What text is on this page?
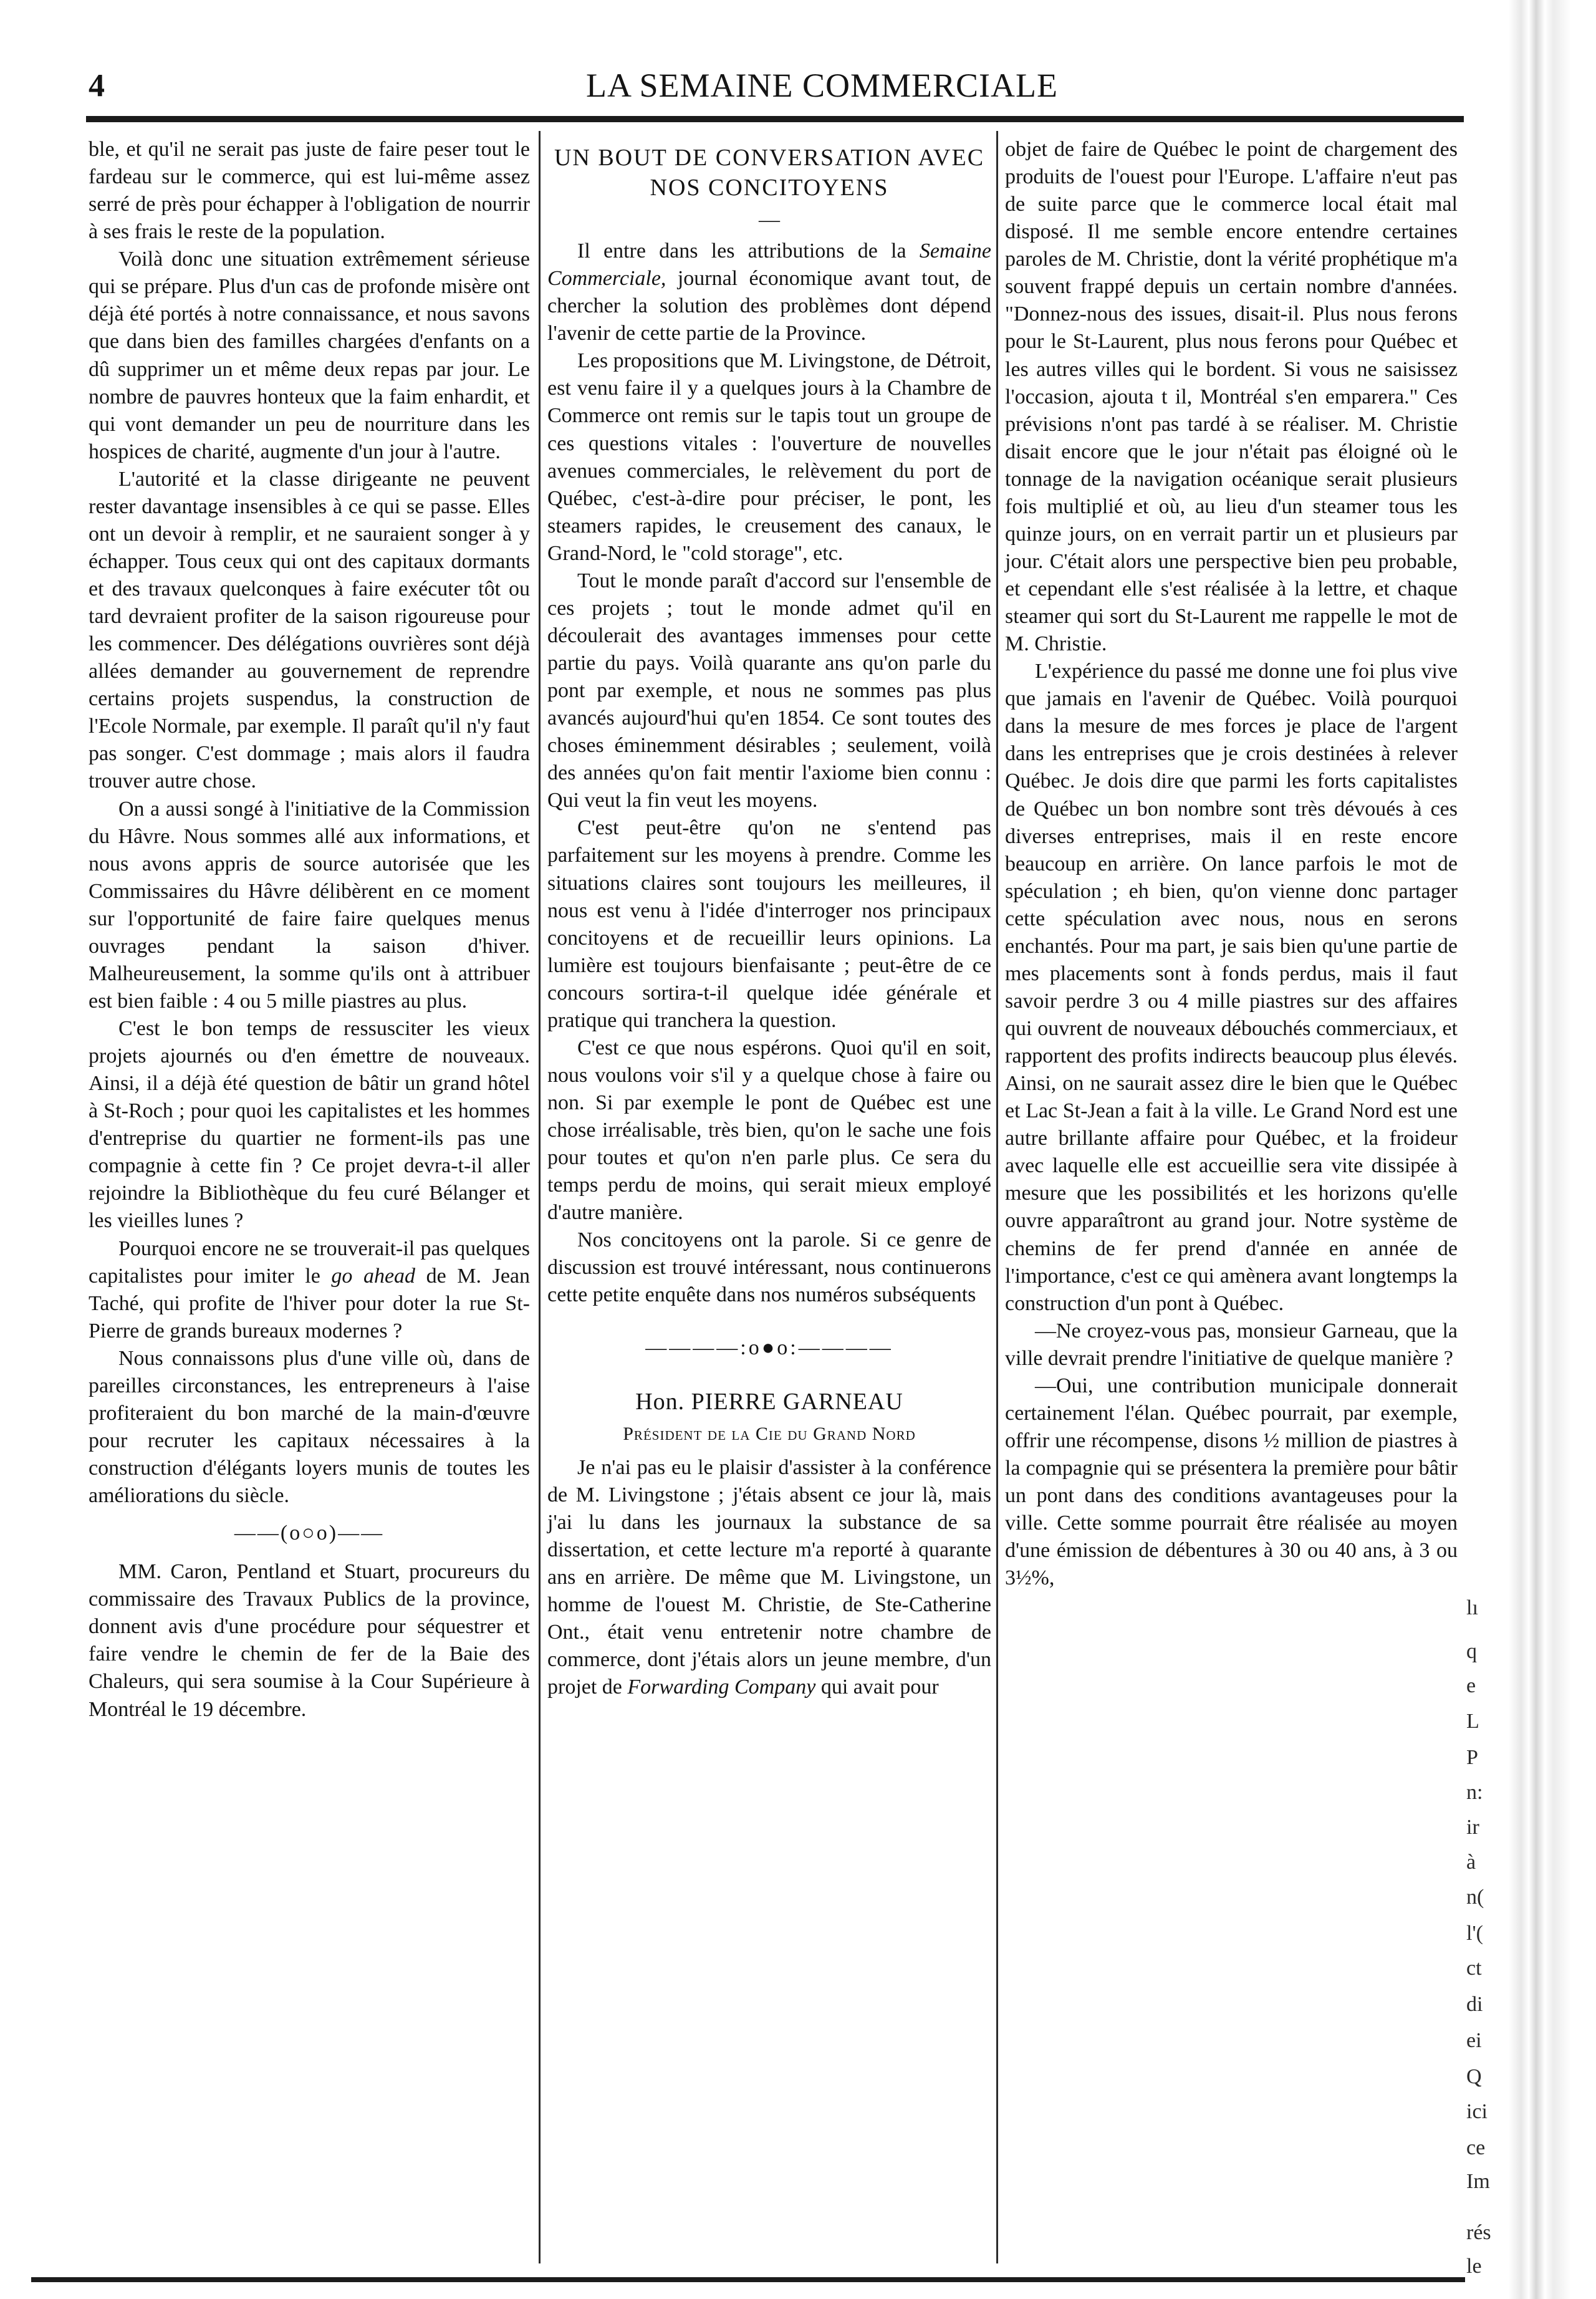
4	LA SEMAINE COMMERCIALE

ble, et qu'il ne serait pas juste de faire peser tout le fardeau sur le commerce, qui est lui-même assez serré de près pour échapper à l'obligation de nourrir à ses frais le reste de la population.

Voilà donc une situation extrêmement sérieuse qui se prépare. Plus d'un cas de profonde misère ont déjà été portés à notre connaissance, et nous savons que dans bien des familles chargées d'enfants on a dû supprimer un et même deux repas par jour. Le nombre de pauvres honteux que la faim enhardit, et qui vont demander un peu de nourriture dans les hospices de charité, augmente d'un jour à l'autre.

L'autorité et la classe dirigeante ne peuvent rester davantage insensibles à ce qui se passe. Elles ont un devoir à remplir, et ne sauraient songer à y échapper. Tous ceux qui ont des capitaux dormants et des travaux quelconques à faire exécuter tôt ou tard devraient profiter de la saison rigoureuse pour les commencer. Des délégations ouvrières sont déjà allées demander au gouvernement de reprendre certains projets suspendus, la construction de l'Ecole Normale, par exemple. Il paraît qu'il n'y faut pas songer. C'est dommage ; mais alors il faudra trouver autre chose.

On a aussi songé à l'initiative de la Commission du Hâvre. Nous sommes allé aux informations, et nous avons appris de source autorisée que les Commissaires du Hâvre délibèrent en ce moment sur l'opportunité de faire faire quelques menus ouvrages pendant la saison d'hiver. Malheureusement, la somme qu'ils ont à attribuer est bien faible : 4 ou 5 mille piastres au plus.

C'est le bon temps de ressusciter les vieux projets ajournés ou d'en émettre de nouveaux. Ainsi, il a déjà été question de bâtir un grand hôtel à St-Roch ; pour quoi les capitalistes et les hommes d'entreprise du quartier ne forment-ils pas une compagnie à cette fin ? Ce projet devra-t-il aller rejoindre la Bibliothèque du feu curé Bélanger et les vieilles lunes ?

Pourquoi encore ne se trouverait-il pas quelques capitalistes pour imiter le go ahead de M. Jean Taché, qui profite de l'hiver pour doter la rue St-Pierre de grands bureaux modernes ?

Nous connaissons plus d'une ville où, dans de pareilles circonstances, les entrepreneurs à l'aise profiteraient du bon marché de la main-d'œuvre pour recruter les capitaux nécessaires à la construction d'élégants loyers munis de toutes les améliorations du siècle.

——(o○o)——

MM. Caron, Pentland et Stuart, procureurs du commissaire des Travaux Publics de la province, donnent avis d'une procédure pour séquestrer et faire vendre le chemin de fer de la Baie des Chaleurs, qui sera soumise à la Cour Supérieure à Montréal le 19 décembre.

UN BOUT DE CONVERSATION AVEC NOS CONCITOYENS
—

Il entre dans les attributions de la Semaine Commerciale, journal économique avant tout, de chercher la solution des problèmes dont dépend l'avenir de cette partie de la Province.

Les propositions que M. Livingstone, de Détroit, est venu faire il y a quelques jours à la Chambre de Commerce ont remis sur le tapis tout un groupe de ces questions vitales : l'ouverture de nouvelles avenues commerciales, le relèvement du port de Québec, c'est-à-dire pour préciser, le pont, les steamers rapides, le creusement des canaux, le Grand-Nord, le "cold storage", etc.

Tout le monde paraît d'accord sur l'ensemble de ces projets ; tout le monde admet qu'il en découlerait des avantages immenses pour cette partie du pays. Voilà quarante ans qu'on parle du pont par exemple, et nous ne sommes pas plus avancés aujourd'hui qu'en 1854. Ce sont toutes des choses éminemment désirables ; seulement, voilà des années qu'on fait mentir l'axiome bien connu : Qui veut la fin veut les moyens.

C'est peut-être qu'on ne s'entend pas parfaitement sur les moyens à prendre. Comme les situations claires sont toujours les meilleures, il nous est venu à l'idée d'interroger nos principaux concitoyens et de recueillir leurs opinions. La lumière est toujours bienfaisante ; peut-être de ce concours sortira-t-il quelque idée générale et pratique qui tranchera la question.

C'est ce que nous espérons. Quoi qu'il en soit, nous voulons voir s'il y a quelque chose à faire ou non. Si par exemple le pont de Québec est une chose irréalisable, très bien, qu'on le sache une fois pour toutes et qu'on n'en parle plus. Ce sera du temps perdu de moins, qui serait mieux employé d'autre manière.

Nos concitoyens ont la parole. Si ce genre de discussion est trouvé intéressant, nous continuerons cette petite enquête dans nos numéros subséquents

————:o●o:————
Hon. PIERRE GARNEAU
Président de la Cie du Grand Nord

Je n'ai pas eu le plaisir d'assister à la conférence de M. Livingstone ; j'étais absent ce jour là, mais j'ai lu dans les journaux la substance de sa dissertation, et cette lecture m'a reporté à quarante ans en arrière. De même que M. Livingstone, un homme de l'ouest M. Christie, de Ste-Catherine Ont., était venu entretenir notre chambre de commerce, dont j'étais alors un jeune membre, d'un projet de Forwarding Company qui avait pour

objet de faire de Québec le point de chargement des produits de l'ouest pour l'Europe. L'affaire n'eut pas de suite parce que le commerce local était mal disposé. Il me semble encore entendre certaines paroles de M. Christie, dont la vérité prophétique m'a souvent frappé depuis un certain nombre d'années. "Donnez-nous des issues, disait-il. Plus nous ferons pour le St-Laurent, plus nous ferons pour Québec et les autres villes qui le bordent. Si vous ne saisissez l'occasion, ajouta t il, Montréal s'en emparera." Ces prévisions n'ont pas tardé à se réaliser. M. Christie disait encore que le jour n'était pas éloigné où le tonnage de la navigation océanique serait plusieurs fois multiplié et où, au lieu d'un steamer tous les quinze jours, on en verrait partir un et plusieurs par jour. C'était alors une perspective bien peu probable, et cependant elle s'est réalisée à la lettre, et chaque steamer qui sort du St-Laurent me rappelle le mot de M. Christie.

L'expérience du passé me donne une foi plus vive que jamais en l'avenir de Québec. Voilà pourquoi dans la mesure de mes forces je place de l'argent dans les entreprises que je crois destinées à relever Québec. Je dois dire que parmi les forts capitalistes de Québec un bon nombre sont très dévoués à ces diverses entreprises, mais il en reste encore beaucoup en arrière. On lance parfois le mot de spéculation ; eh bien, qu'on vienne donc partager cette spéculation avec nous, nous en serons enchantés. Pour ma part, je sais bien qu'une partie de mes placements sont à fonds perdus, mais il faut savoir perdre 3 ou 4 mille piastres sur des affaires qui ouvrent de nouveaux débouchés commerciaux, et rapportent des profits indirects beaucoup plus élevés. Ainsi, on ne saurait assez dire le bien que le Québec et Lac St-Jean a fait à la ville. Le Grand Nord est une autre brillante affaire pour Québec, et la froideur avec laquelle elle est accueillie sera vite dissipée à mesure que les possibilités et les horizons qu'elle ouvre apparaîtront au grand jour. Notre système de chemins de fer prend d'année en année de l'importance, c'est ce qui amènera avant longtemps la construction d'un pont à Québec.

—Ne croyez-vous pas, monsieur Garneau, que la ville devrait prendre l'initiative de quelque manière ?

—Oui, une contribution municipale donnerait certainement l'élan. Québec pourrait, par exemple, offrir une récompense, disons ½ million de piastres à la compagnie qui se présentera la première pour bâtir un pont dans des conditions avantageuses pour la ville. Cette somme pourrait être réalisée au moyen d'une émission de débentures à 30 ou 40 ans, à 3 ou 3½%,

lı
q
e
L
P
n:
ir
à
n(
l'(
ct
di
ei
Q
ici
ce
Im
rés
le
